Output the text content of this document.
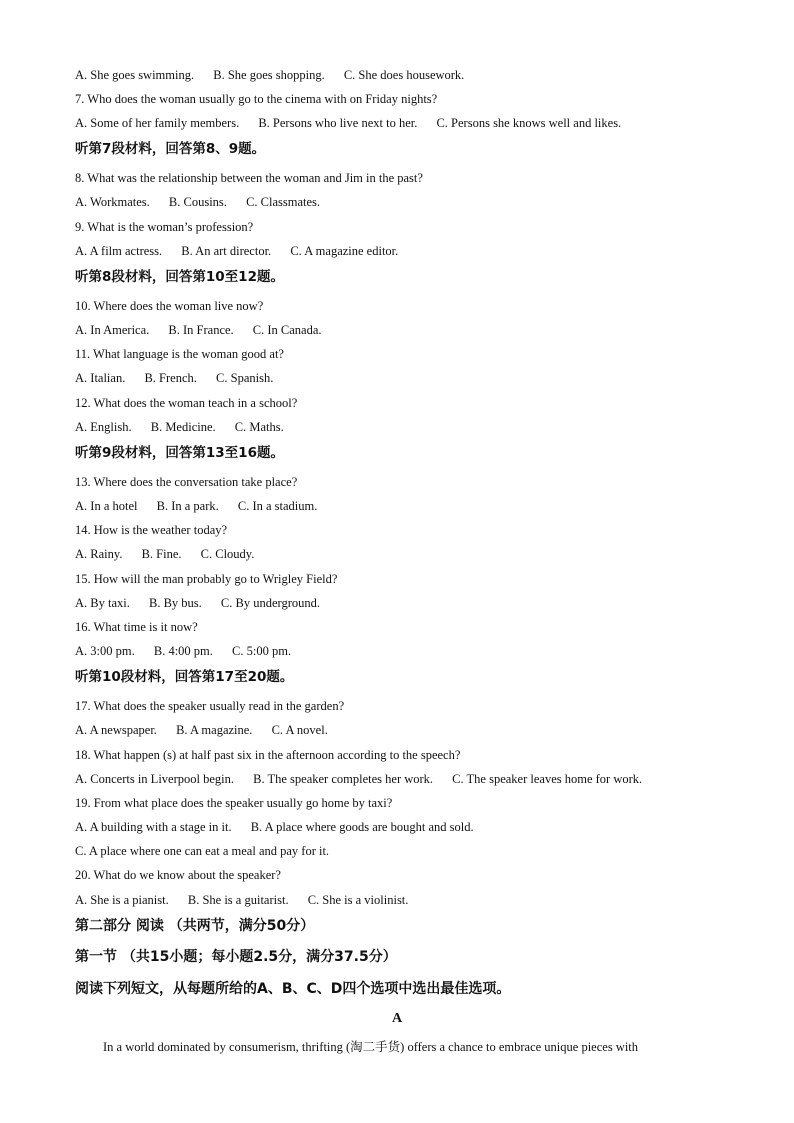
A. She goes swimming. B. She goes shopping. C. She does housework.
7. Who does the woman usually go to the cinema with on Friday nights?
A. Some of her family members. B. Persons who live next to her. C. Persons she knows well and likes.
听第7段材料，回答第8、9题。
8. What was the relationship between the woman and Jim in the past?
A. Workmates. B. Cousins. C. Classmates.
9. What is the woman’s profession?
A. A film actress. B. An art director. C. A magazine editor.
听第8段材料，回答第10至12题。
10. Where does the woman live now?
A. In America. B. In France. C. In Canada.
11. What language is the woman good at?
A. Italian. B. French. C. Spanish.
12. What does the woman teach in a school?
A. English. B. Medicine. C. Maths.
听第9段材料，回答第13至16题。
13. Where does the conversation take place?
A. In a hotel B. In a park. C. In a stadium.
14. How is the weather today?
A. Rainy. B. Fine. C. Cloudy.
15. How will the man probably go to Wrigley Field?
A. By taxi. B. By bus. C. By underground.
16. What time is it now?
A. 3:00 pm. B. 4:00 pm. C. 5:00 pm.
听第10段材料，回答第17至20题。
17. What does the speaker usually read in the garden?
A. A newspaper. B. A magazine. C. A novel.
18. What happen (s) at half past six in the afternoon according to the speech?
A. Concerts in Liverpool begin. B. The speaker completes her work. C. The speaker leaves home for work.
19. From what place does the speaker usually go home by taxi?
A. A building with a stage in it. B. A place where goods are bought and sold.
C. A place where one can eat a meal and pay for it.
20. What do we know about the speaker?
A. She is a pianist. B. She is a guitarist. C. She is a violinist.
第二部分 阅读 （共两节，满分50分）
第一节 （共15小题；每小题2.5分，满分37.5分）
阅读下列短文，从每题所给的A、B、C、D四个选项中选出最佳选项。
A
In a world dominated by consumerism, thrifting (淘二手货) offers a chance to embrace unique pieces with
